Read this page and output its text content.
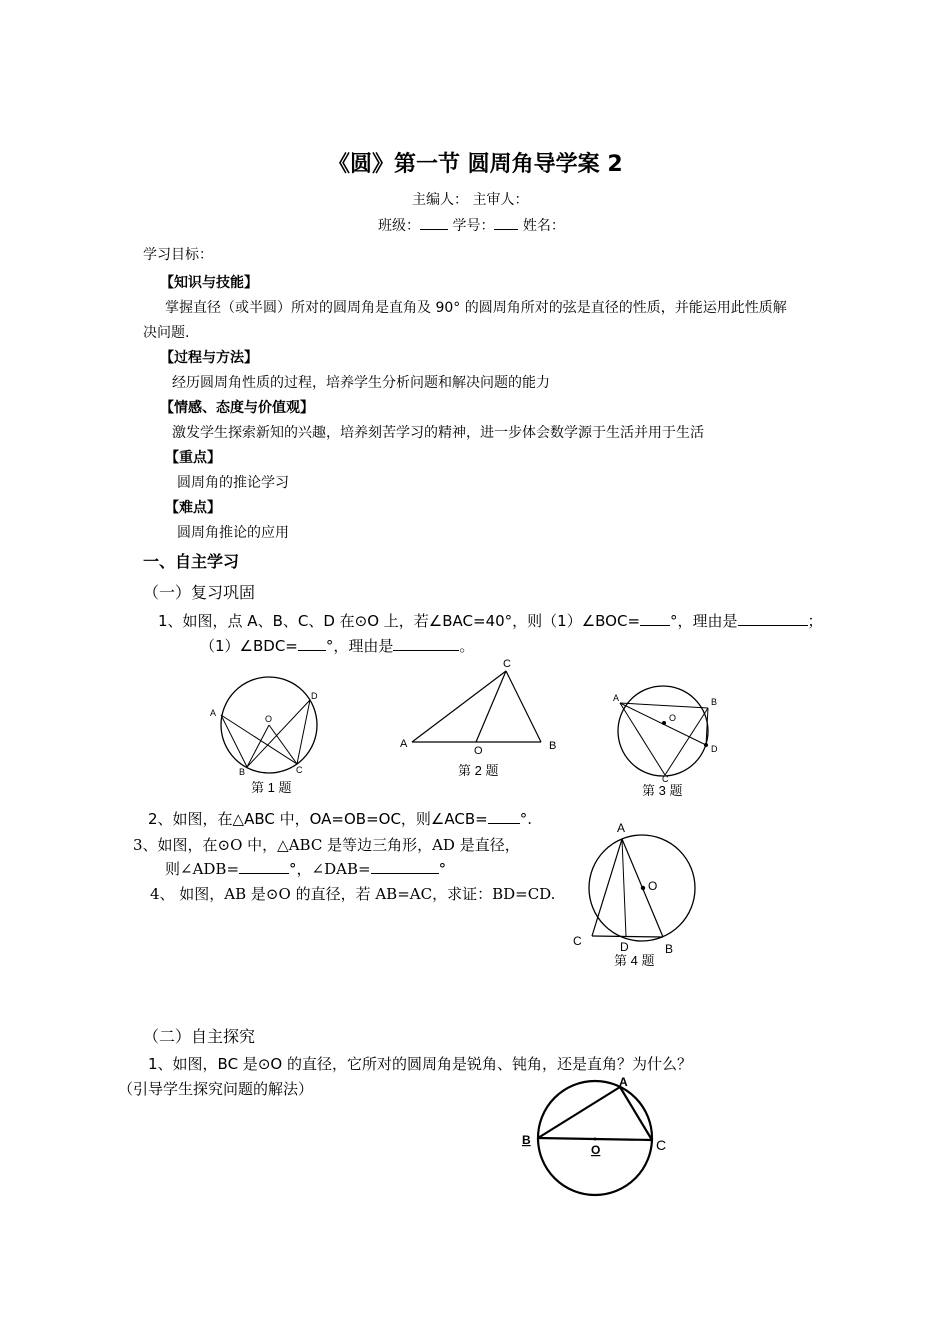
《圆》第一节 圆周角导学案 2
主编人： 主审人：
班级： 学号： 姓名：
学习目标：
【知识与技能】
掌握直径（或半圆）所对的圆周角是直角及 90° 的圆周角所对的弦是直径的性质，并能运用此性质解
决问题.
【过程与方法】
经历圆周角性质的过程，培养学生分析问题和解决问题的能力
【情感、态度与价值观】
激发学生探索新知的兴趣，培养刻苦学习的精神，进一步体会数学源于生活并用于生活
【重点】
圆周角的推论学习
【难点】
圆周角推论的应用
一、自主学习
（一）复习巩固
1、如图，点 A、B、C、D 在⊙O 上，若∠BAC=40°，则（1）∠BOC= °，理由是	；
（1）∠BDC= °，理由是	。
A
D
O
B	C
第 1 题
C
A
O	B
第 2 题
A	B
O
D
C
第 3 题
2、如图，在△ABC 中，OA=OB=OC，则∠ACB= °.
3、如图，在⊙O 中，△ABC 是等边三角形，AD 是直径，
则∠ADB=	°，∠DAB=	°
4、 如图，AB 是⊙O 的直径，若 AB=AC，求证：BD=CD.
A
O
C	D	B
第 4 题
（二）自主探究
1、如图，BC 是⊙O 的直径，它所对的圆周角是锐角、钝角，还是直角？为什么？
（引导学生探究问题的解法）	A
B
O	C
